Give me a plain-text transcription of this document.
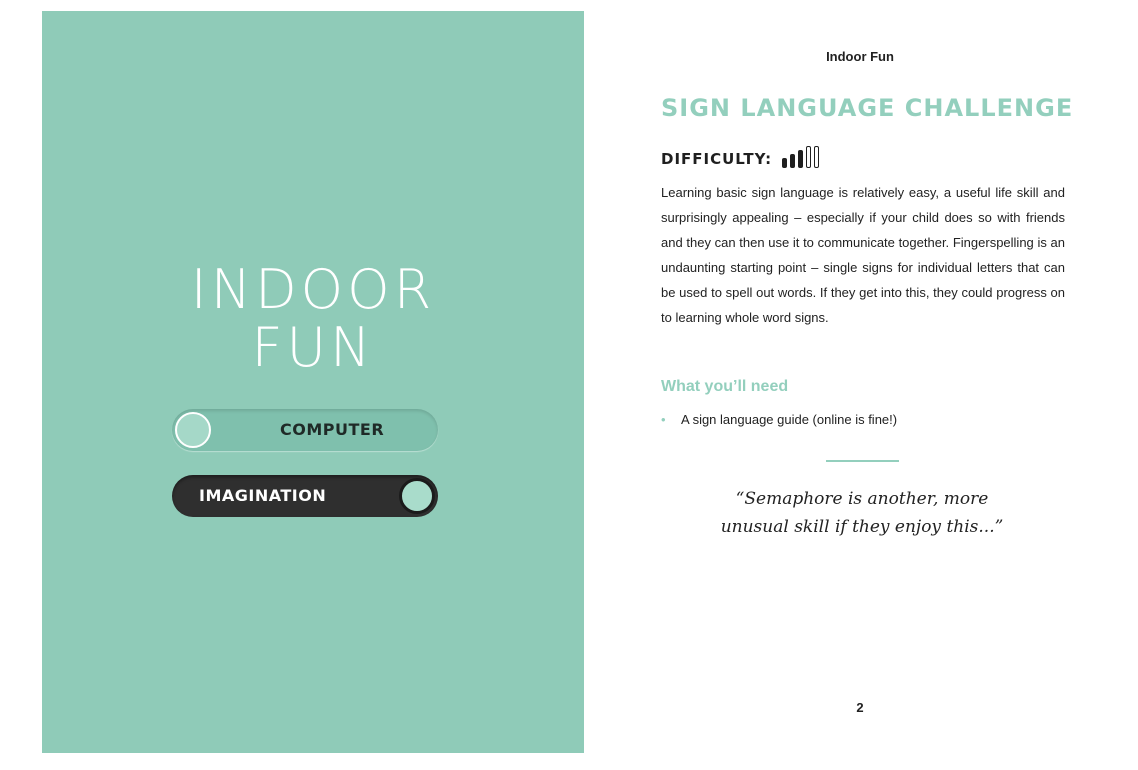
INDOOR
FUN
COMPUTER
IMAGINATION
Indoor Fun
SIGN LANGUAGE CHALLENGE
DIFFICULTY:

Learning basic sign language is relatively easy, a useful life skill and surprisingly appealing – especially if your child does so with friends and they can then use it to communicate together. Fingerspelling is an undaunting starting point – single signs for individual letters that can be used to spell out words. If they get into this, they could progress on to learning whole word signs.

What you’ll need
•	A sign language guide (online is fine!)
“Semaphore is another, more unusual skill if they enjoy this...”
2
